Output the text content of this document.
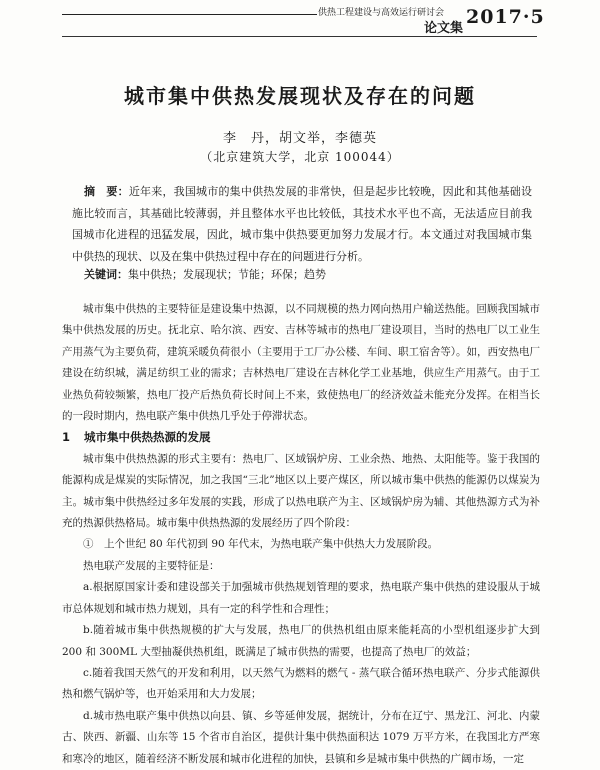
供热工程建设与高效运行研讨会
论文集
2017·5
城市集中供热发展现状及存在的问题
李　丹，胡文举，李德英
（北京建筑大学，北京 100044）
摘　要：近年来，我国城市的集中供热发展的非常快，但是起步比较晚，因此和其他基础设施比较而言，其基础比较薄弱，并且整体水平也比较低，其技术水平也不高，无法适应目前我国城市化进程的迅猛发展，因此，城市集中供热要更加努力发展才行。本文通过对我国城市集中供热的现状、以及在集中供热过程中存在的问题进行分析。
关键词：集中供热；发展现状；节能；环保；趋势

城市集中供热的主要特征是建设集中热源，以不同规模的热力网向热用户输送热能。回顾我国城市集中供热发展的历史。抚北京、哈尔滨、西安、吉林等城市的热电厂建设项目，当时的热电厂以工业生产用蒸气为主要负荷，建筑采暖负荷很小（主要用于工厂办公楼、车间、职工宿舍等）。如，西安热电厂建设在纺织城，满足纺织工业的需求；吉林热电厂建设在吉林化学工业基地，供应生产用蒸气。由于工业热负荷较频繁，热电厂投产后热负荷长时间上不来，致使热电厂的经济效益未能充分发挥。在相当长的一段时期内，热电联产集中供热几乎处于停滞状态。

1 城市集中供热热源的发展

城市集中供热热源的形式主要有：热电厂、区域锅炉房、工业余热、地热、太阳能等。鉴于我国的能源构成是煤炭的实际情况，加之我国“三北”地区以上要产煤区，所以城市集中供热的能源仍以煤炭为主。城市集中供热经过多年发展的实践，形成了以热电联产为主、区域锅炉房为辅、其他热源方式为补充的热源供热格局。城市集中供热热源的发展经历了四个阶段：

①　上个世纪 80 年代初到 90 年代末，为热电联产集中供热大力发展阶段。

热电联产发展的主要特征是：

a.根据原国家计委和建设部关于加强城市供热规划管理的要求，热电联产集中供热的建设服从于城市总体规划和城市热力规划，具有一定的科学性和合理性；

b.随着城市集中供热规模的扩大与发展，热电厂的供热机组由原来能耗高的小型机组逐步扩大到 200 和 300ML 大型抽凝供热机组，既满足了城市供热的需要，也提高了热电厂的效益；

c.随着我国天然气的开发和利用，以天然气为燃料的燃气 - 蒸气联合循环热电联产、分步式能源供热和燃气锅炉等，也开始采用和大力发展；

d.城市热电联产集中供热以向县、镇、乡等延伸发展，据统计，分布在辽宁、黑龙江、河北、内蒙古、陕西、新疆、山东等 15 个省市自治区，提供计集中供热面积达 1079 万平方米，在我国北方严寒和寒冷的地区，随着经济不断发展和城市化进程的加快，县镇和乡是城市集中供热的广阔市场，一定
